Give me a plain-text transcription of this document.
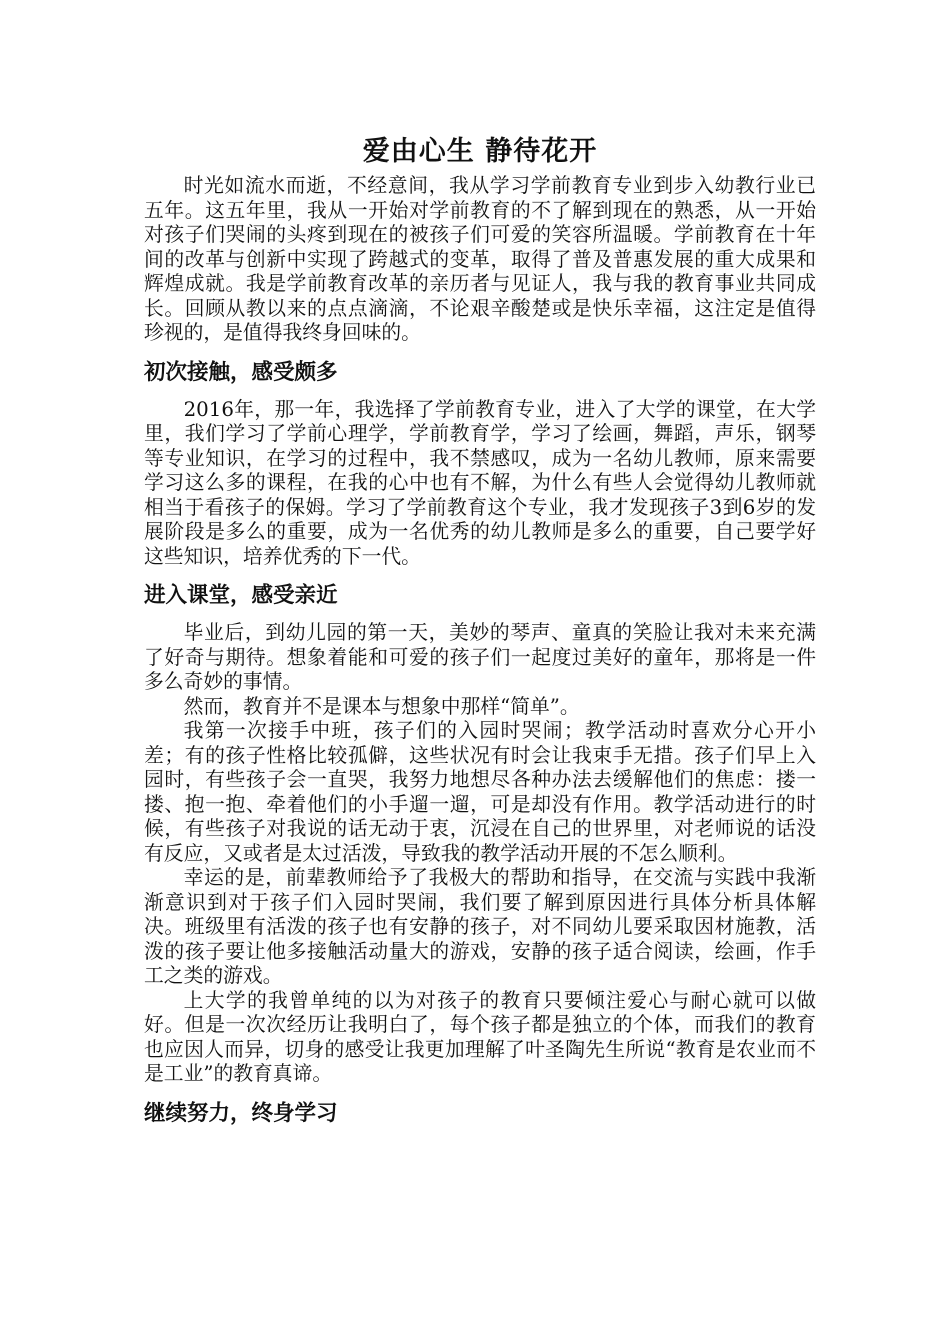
爱由心生 静待花开

时光如流水而逝，不经意间，我从学习学前教育专业到步入幼教行业已五年。这五年里，我从一开始对学前教育的不了解到现在的熟悉，从一开始对孩子们哭闹的头疼到现在的被孩子们可爱的笑容所温暖。学前教育在十年间的改革与创新中实现了跨越式的变革，取得了普及普惠发展的重大成果和辉煌成就。我是学前教育改革的亲历者与见证人，我与我的教育事业共同成长。回顾从教以来的点点滴滴，不论艰辛酸楚或是快乐幸福，这注定是值得珍视的，是值得我终身回味的。

初次接触，感受颇多

2016年，那一年，我选择了学前教育专业，进入了大学的课堂，在大学里，我们学习了学前心理学，学前教育学，学习了绘画，舞蹈，声乐，钢琴等专业知识，在学习的过程中，我不禁感叹，成为一名幼儿教师，原来需要学习这么多的课程，在我的心中也有不解，为什么有些人会觉得幼儿教师就相当于看孩子的保姆。学习了学前教育这个专业，我才发现孩子3到6岁的发展阶段是多么的重要，成为一名优秀的幼儿教师是多么的重要，自己要学好这些知识，培养优秀的下一代。

进入课堂，感受亲近

毕业后，到幼儿园的第一天，美妙的琴声、童真的笑脸让我对未来充满了好奇与期待。想象着能和可爱的孩子们一起度过美好的童年，那将是一件多么奇妙的事情。

然而，教育并不是课本与想象中那样“简单”。

我第一次接手中班，孩子们的入园时哭闹；教学活动时喜欢分心开小差；有的孩子性格比较孤僻，这些状况有时会让我束手无措。孩子们早上入园时，有些孩子会一直哭，我努力地想尽各种办法去缓解他们的焦虑：搂一搂、抱一抱、牵着他们的小手遛一遛，可是却没有作用。教学活动进行的时候，有些孩子对我说的话无动于衷，沉浸在自己的世界里，对老师说的话没有反应，又或者是太过活泼，导致我的教学活动开展的不怎么顺利。

幸运的是，前辈教师给予了我极大的帮助和指导，在交流与实践中我渐渐意识到对于孩子们入园时哭闹，我们要了解到原因进行具体分析具体解决。班级里有活泼的孩子也有安静的孩子，对不同幼儿要采取因材施教，活泼的孩子要让他多接触活动量大的游戏，安静的孩子适合阅读，绘画，作手工之类的游戏。

上大学的我曾单纯的以为对孩子的教育只要倾注爱心与耐心就可以做好。但是一次次经历让我明白了，每个孩子都是独立的个体，而我们的教育也应因人而异，切身的感受让我更加理解了叶圣陶先生所说“教育是农业而不是工业”的教育真谛。

继续努力，终身学习
